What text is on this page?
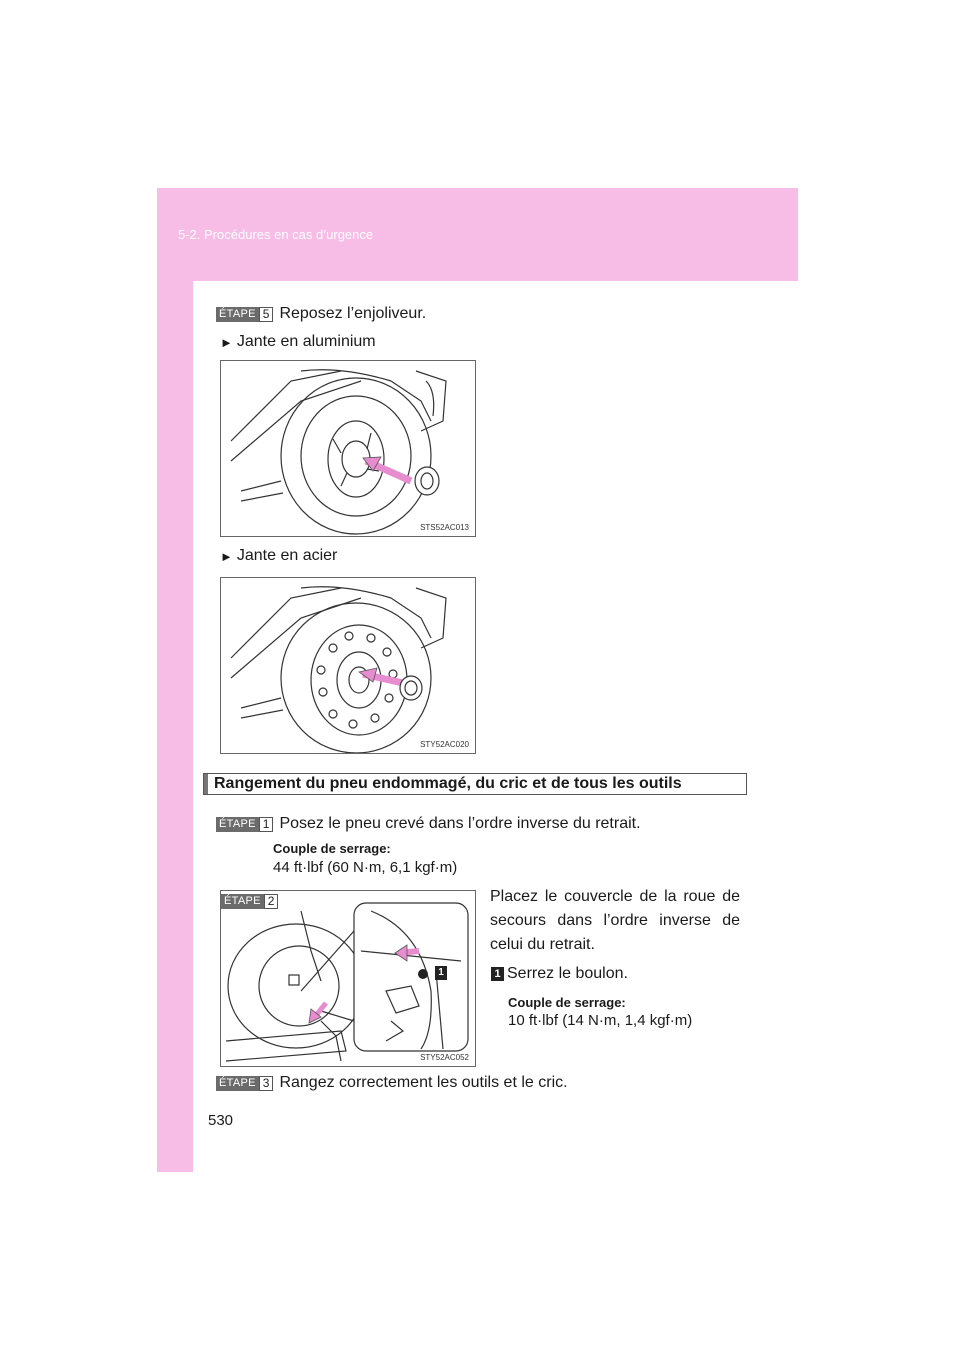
5-2. Procédures en cas d’urgence
ÉTAPE 5 Reposez l’enjoliveur.
► Jante en aluminium
STS52AC013
► Jante en acier
STY52AC020
Rangement du pneu endommagé, du cric et de tous les outils
ÉTAPE 1 Posez le pneu crevé dans l’ordre inverse du retrait.
Couple de serrage:
44 ft·lbf (60 N·m, 6,1 kgf·m)
ÉTAPE 2
1
STY52AC052
Placez le couvercle de la roue de secours dans l’ordre inverse de celui du retrait.
1 Serrez le boulon.
Couple de serrage:
10 ft·lbf (14 N·m, 1,4 kgf·m)
ÉTAPE 3 Rangez correctement les outils et le cric.
530
